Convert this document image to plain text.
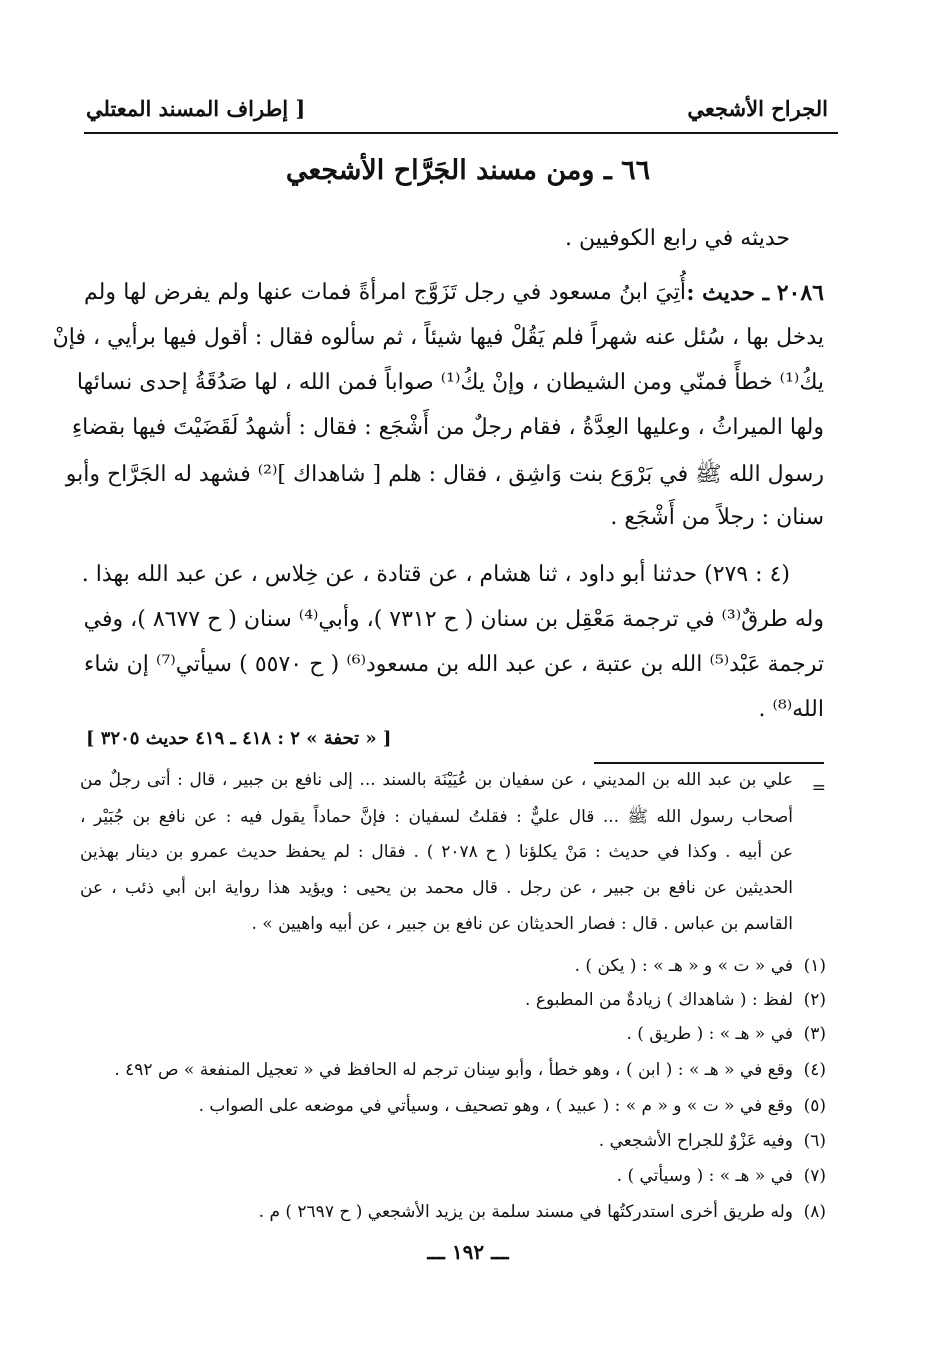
الجراح الأشجعي
[ إطراف المسند المعتلي
٦٦ ـ ومن مسند الجَرَّاح الأشجعي
حديثه في رابع الكوفيين .
٢٠٨٦ ـ حديث :
أُتِيَ ابنُ مسعود في رجل تَزَوَّج امرأةً فمات عنها ولم يفرض لها ولم
يدخل بها ، سُئل عنه شهراً فلم يَقُلْ فيها شيئاً ، ثم سألوه فقال : أقول فيها برأيي ، فإنْ
يكُ⁽¹⁾ خطأً فمنّي ومن الشيطان ، وإنْ يكُ⁽¹⁾ صواباً فمن الله ، لها صَدُقَةُ إحدى نسائها
ولها الميراثُ ، وعليها العِدَّةُ ، فقام رجلٌ من أَشْجَع : فقال : أشهدُ لَقَضَيْتَ فيها بقضاءِ
رسول الله ﷺ في بَرْوَع بنت وَاشِق ، فقال : هلم [ شاهداك ]⁽²⁾ فشهد له الجَرَّاح وأبو
سنان : رجلاً من أَشْجَع .
(٤ : ٢٧٩) حدثنا أبو داود ، ثنا هشام ، عن قتادة ، عن خِلاس ، عن عبد الله بهذا .
وله طرقٌ⁽³⁾ في ترجمة مَعْقِل بن سنان ( ح ٧٣١٢ )، وأبي⁽⁴⁾ سنان ( ح ٨٦٧٧ )، وفي
ترجمة عَبْد⁽⁵⁾ الله بن عتبة ، عن عبد الله بن مسعود⁽⁶⁾ ( ح ٥٥٧٠ ) سيأتي⁽⁷⁾ إن شاء
الله⁽⁸⁾ .
[ « تحفة » ٢ : ٤١٨ ـ ٤١٩ حديث ٣٢٠٥ ]
=
علي بن عبد الله بن المديني ، عن سفيان بن عُيَيْنَة بالسند ... إلى نافع بن جبير ، قال : أتى رجلٌ من
أصحاب رسول الله ﷺ ... قال عليٌّ : فقلتُ لسفيان : فإنَّ حماداً يقول فيه : عن نافع بن جُبَيْر ،
عن أبيه . وكذا في حديث : مَنْ يكلؤنا ( ح ٢٠٧٨ ) . فقال : لم يحفظ حديث عمرو بن دينار بهذين
الحديثين عن نافع بن جبير ، عن رجل . قال محمد بن يحيى : ويؤيد هذا رواية ابن أبي ذئب ، عن
القاسم بن عباس . قال : فصار الحديثان عن نافع بن جبير ، عن أبيه واهيين » .
(١)
في « ت » و « هـ » : ( يكن ) .
(٢)
لفظ : ( شاهداك ) زيادةٌ من المطبوع .
(٣)
في « هـ » : ( طريق ) .
(٤)
وقع في « هـ » : ( ابن ) ، وهو خطأ ، وأبو سِنان ترجم له الحافظ في « تعجيل المنفعة » ص ٤٩٢ .
(٥)
وقع في « ت » و « م » : ( عبيد ) ، وهو تصحيف ، وسيأتي في موضعه على الصواب .
(٦)
وفيه عَزْوٌ للجراح الأشجعي .
(٧)
في « هـ » : ( وسيأتي ) .
(٨)
وله طريق أخرى استدركتُها في مسند سلمة بن يزيد الأشجعي ( ح ٢٦٩٧ ) م .
ـــ ١٩٢ ـــ
